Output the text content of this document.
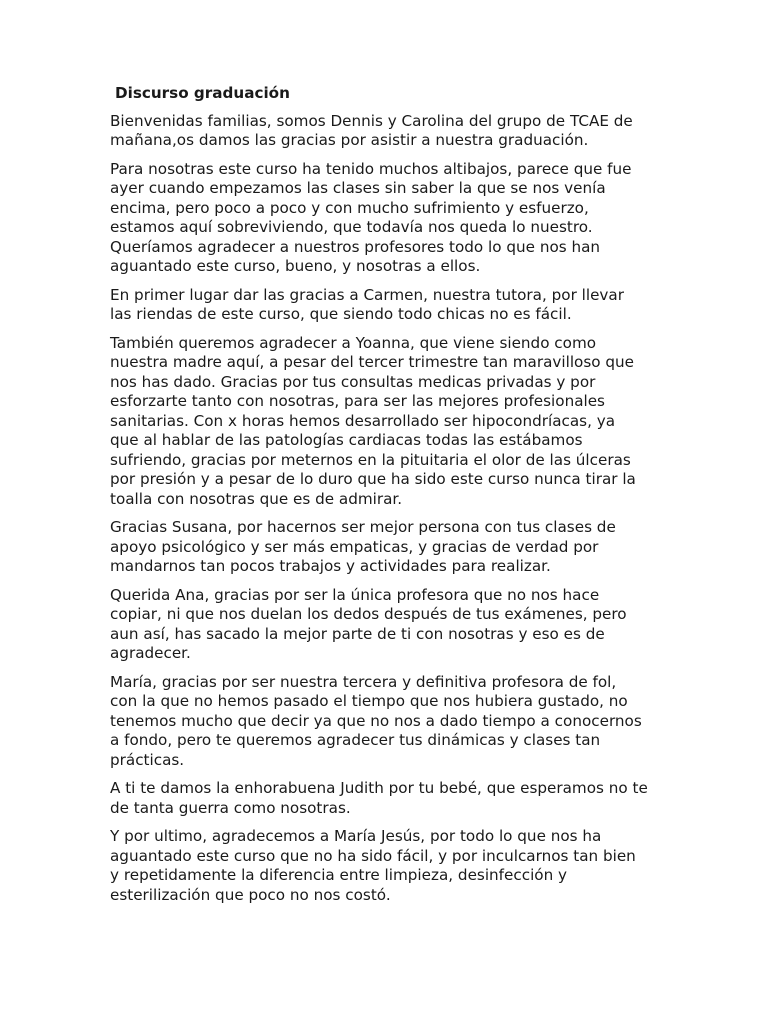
Discurso graduación
Bienvenidas familias, somos Dennis y Carolina del grupo de TCAE de
mañana,os damos las gracias por asistir a nuestra graduación.
Para nosotras este curso ha tenido muchos altibajos, parece que fue
ayer cuando empezamos las clases sin saber la que se nos venía
encima, pero poco a poco y con mucho sufrimiento y esfuerzo,
estamos aquí sobreviviendo, que todavía nos queda lo nuestro.
Queríamos agradecer a nuestros profesores todo lo que nos han
aguantado este curso, bueno, y nosotras a ellos.
En primer lugar dar las gracias a Carmen, nuestra tutora, por llevar
las riendas de este curso, que siendo todo chicas no es fácil.
También queremos agradecer a Yoanna, que viene siendo como
nuestra madre aquí, a pesar del tercer trimestre tan maravilloso que
nos has dado. Gracias por tus consultas medicas privadas y por
esforzarte tanto con nosotras, para ser las mejores profesionales
sanitarias. Con x horas hemos desarrollado ser hipocondríacas, ya
que al hablar de las patologías cardiacas todas las estábamos
sufriendo, gracias por meternos en la pituitaria el olor de las úlceras
por presión y a pesar de lo duro que ha sido este curso nunca tirar la
toalla con nosotras que es de admirar.
Gracias Susana, por hacernos ser mejor persona con tus clases de
apoyo psicológico y ser más empaticas, y gracias de verdad por
mandarnos tan pocos trabajos y actividades para realizar.
Querida Ana, gracias por ser la única profesora que no nos hace
copiar, ni que nos duelan los dedos después de tus exámenes, pero
aun así, has sacado la mejor parte de ti con nosotras y eso es de
agradecer.
María, gracias por ser nuestra tercera y definitiva profesora de fol,
con la que no hemos pasado el tiempo que nos hubiera gustado, no
tenemos mucho que decir ya que no nos a dado tiempo a conocernos
a fondo, pero te queremos agradecer tus dinámicas y clases tan
prácticas.
A ti te damos la enhorabuena Judith por tu bebé, que esperamos no te
de tanta guerra como nosotras.
Y por ultimo, agradecemos a María Jesús, por todo lo que nos ha
aguantado este curso que no ha sido fácil, y por inculcarnos tan bien
y repetidamente la diferencia entre limpieza, desinfección y
esterilización que poco no nos costó.
